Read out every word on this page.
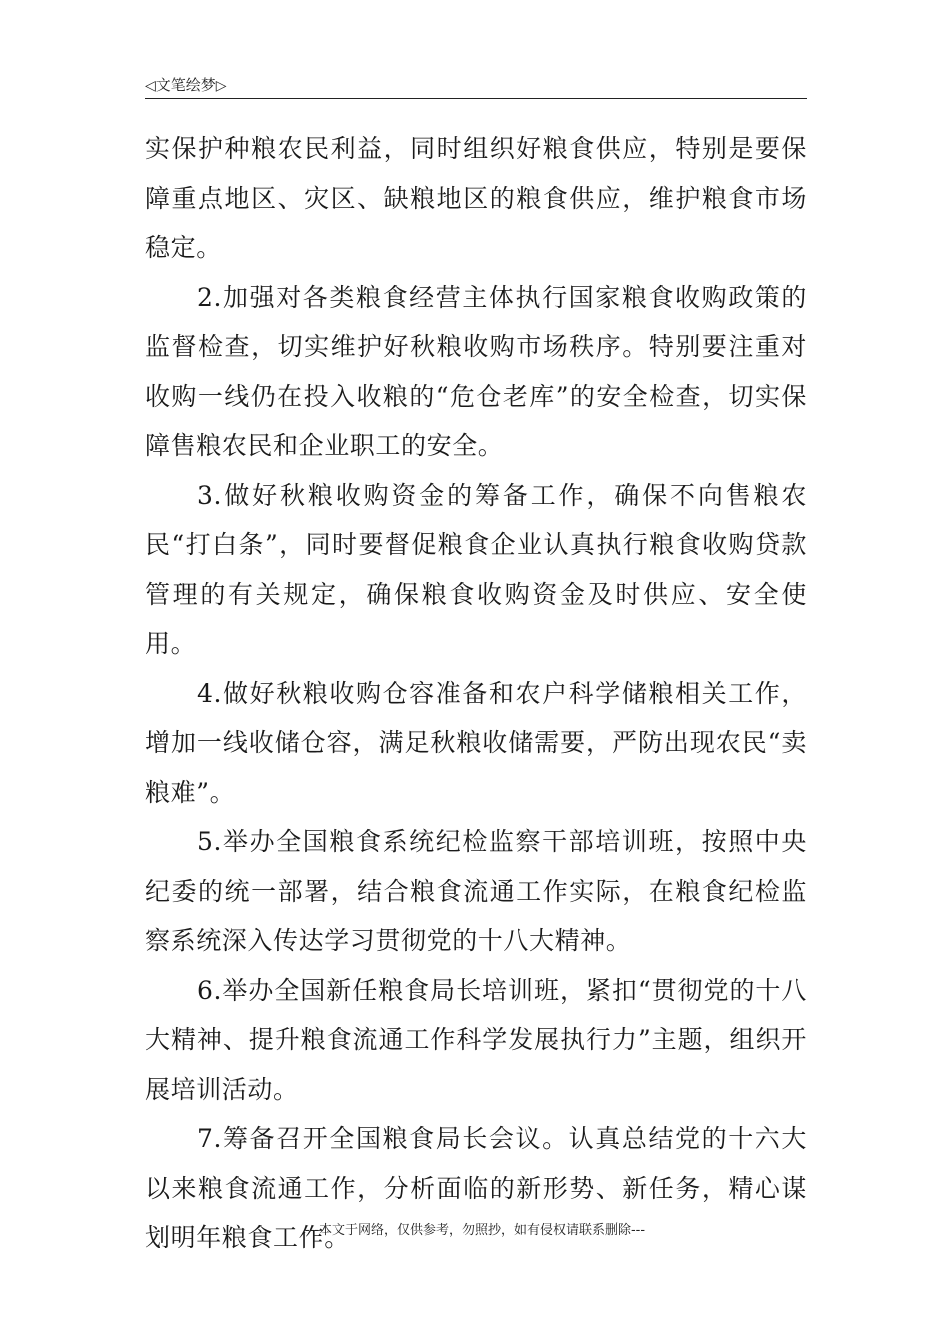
◁文笔绘梦▷

实保护种粮农民利益，同时组织好粮食供应，特别是要保障重点地区、灾区、缺粮地区的粮食供应，维护粮食市场稳定。

2.加强对各类粮食经营主体执行国家粮食收购政策的监督检查，切实维护好秋粮收购市场秩序。特别要注重对收购一线仍在投入收粮的“危仓老库”的安全检查，切实保障售粮农民和企业职工的安全。

3.做好秋粮收购资金的筹备工作，确保不向售粮农民“打白条”，同时要督促粮食企业认真执行粮食收购贷款管理的有关规定，确保粮食收购资金及时供应、安全使用。

4.做好秋粮收购仓容准备和农户科学储粮相关工作，增加一线收储仓容，满足秋粮收储需要，严防出现农民“卖粮难”。

5.举办全国粮食系统纪检监察干部培训班，按照中央纪委的统一部署，结合粮食流通工作实际，在粮食纪检监察系统深入传达学习贯彻党的十八大精神。

6.举办全国新任粮食局长培训班，紧扣“贯彻党的十八大精神、提升粮食流通工作科学发展执行力”主题，组织开展培训活动。

7.筹备召开全国粮食局长会议。认真总结党的十六大以来粮食流通工作，分析面临的新形势、新任务，精心谋划明年粮食工作。

---本文于网络，仅供参考，勿照抄，如有侵权请联系删除---
